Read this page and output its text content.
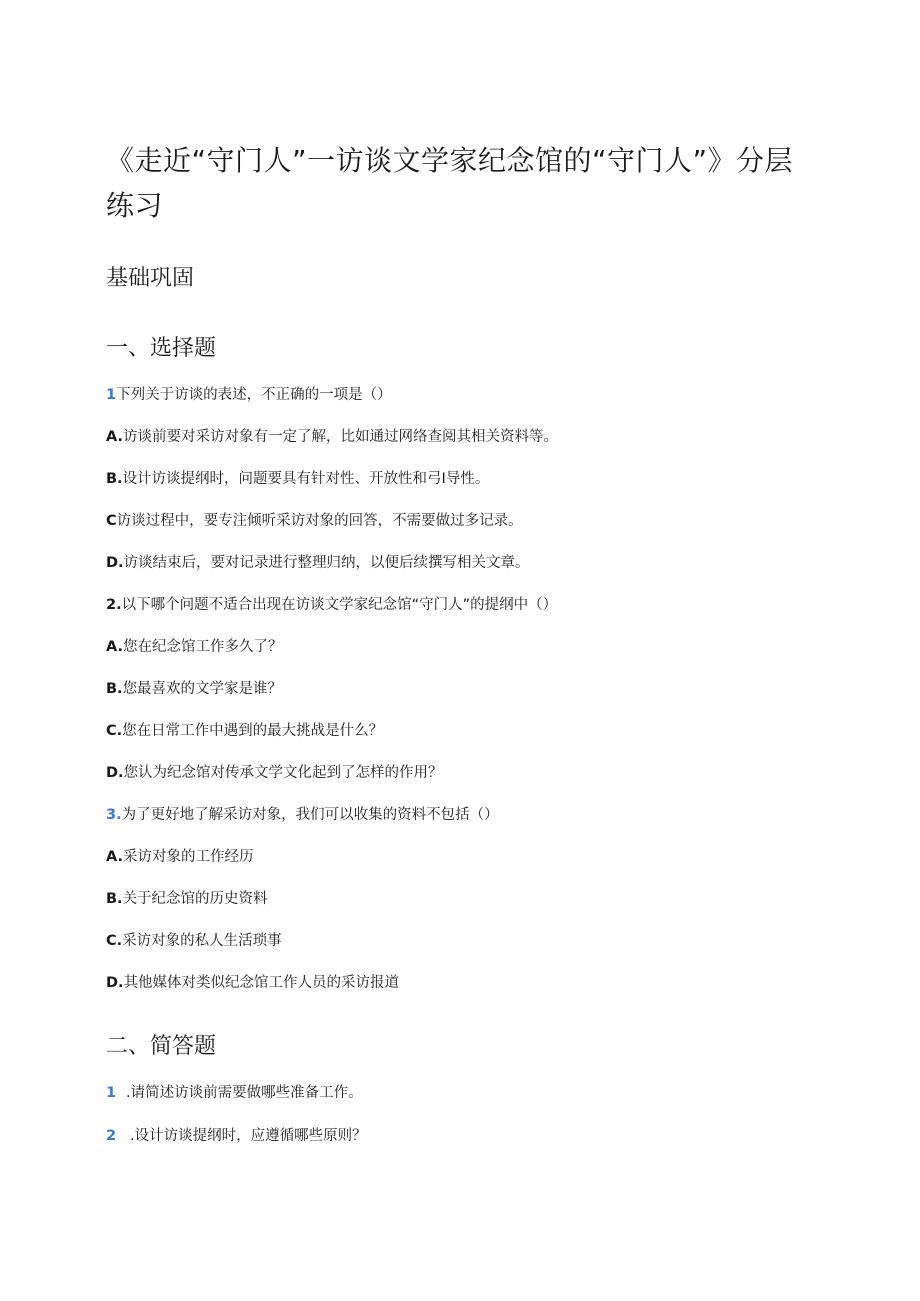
《走近“守门人”一访谈文学家纪念馆的“守门人”》分层练习
基础巩固
一、选择题
1下列关于访谈的表述，不正确的一项是（）
A.访谈前要对采访对象有一定了解，比如通过网络查阅其相关资料等。
B.设计访谈提纲时，问题要具有针对性、开放性和弓I导性。
C访谈过程中，要专注倾听采访对象的回答，不需要做过多记录。
D.访谈结束后，要对记录进行整理归纳，以便后续撰写相关文章。
2.以下哪个问题不适合出现在访谈文学家纪念馆“守门人”的提纲中（）
A.您在纪念馆工作多久了？
B.您最喜欢的文学家是谁？
C.您在日常工作中遇到的最大挑战是什么？
D.您认为纪念馆对传承文学文化起到了怎样的作用？
3.为了更好地了解采访对象，我们可以收集的资料不包括（）
A.采访对象的工作经历
B.关于纪念馆的历史资料
C.采访对象的私人生活琐事
D.其他媒体对类似纪念馆工作人员的采访报道
二、简答题
1 .请简述访谈前需要做哪些准备工作。
2 .设计访谈提纲时，应遵循哪些原则？
